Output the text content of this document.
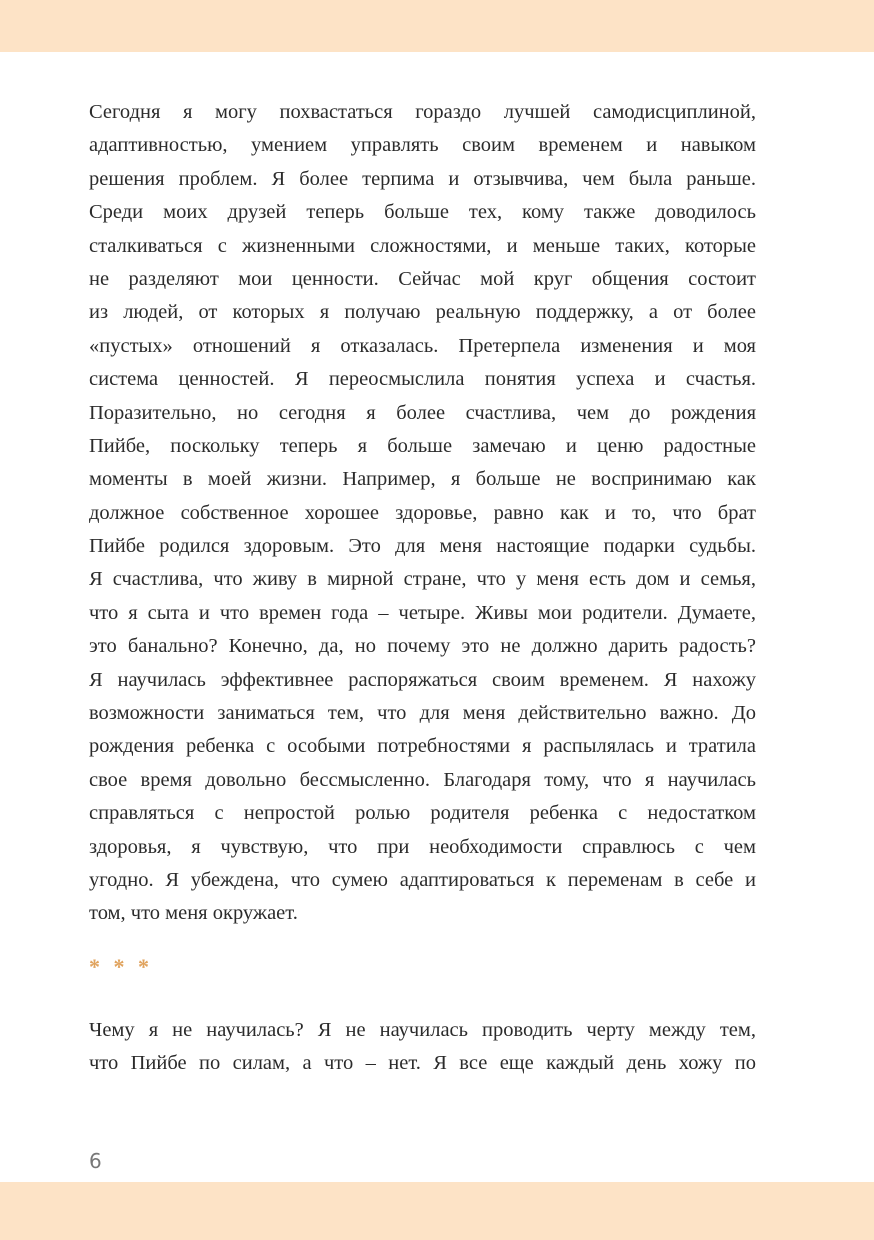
Сегодня я могу похвастаться гораздо лучшей самодисциплиной,
адаптивностью, умением управлять своим временем и навыком
решения проблем. Я более терпима и отзывчива, чем была раньше.
Среди моих друзей теперь больше тех, кому также доводилось
сталкиваться с жизненными сложностями, и меньше таких, которые
не разделяют мои ценности. Сейчас мой круг общения состоит
из людей, от которых я получаю реальную поддержку, а от более
«пустых» отношений я отказалась. Претерпела изменения и моя
система ценностей. Я переосмыслила понятия успеха и счастья.
Поразительно, но сегодня я более счастлива, чем до рождения
Пийбе, поскольку теперь я больше замечаю и ценю радостные
моменты в моей жизни. Например, я больше не воспринимаю как
должное собственное хорошее здоровье, равно как и то, что брат
Пийбе родился здоровым. Это для меня настоящие подарки судьбы.
Я счастлива, что живу в мирной стране, что у меня есть дом и семья,
что я сыта и что времен года – четыре. Живы мои родители. Думаете,
это банально? Конечно, да, но почему это не должно дарить радость?
Я научилась эффективнее распоряжаться своим временем. Я нахожу
возможности заниматься тем, что для меня действительно важно. До
рождения ребенка с особыми потребностями я распылялась и тратила
свое время довольно бессмысленно. Благодаря тому, что я научилась
справляться с непростой ролью родителя ребенка с недостатком
здоровья, я чувствую, что при необходимости справлюсь с чем
угодно. Я убеждена, что сумею адаптироваться к переменам в себе и
том, что меня окружает.
* * *
Чему я не научилась? Я не научилась проводить черту между тем,
что Пийбе по силам, а что – нет. Я все еще каждый день хожу по
6
